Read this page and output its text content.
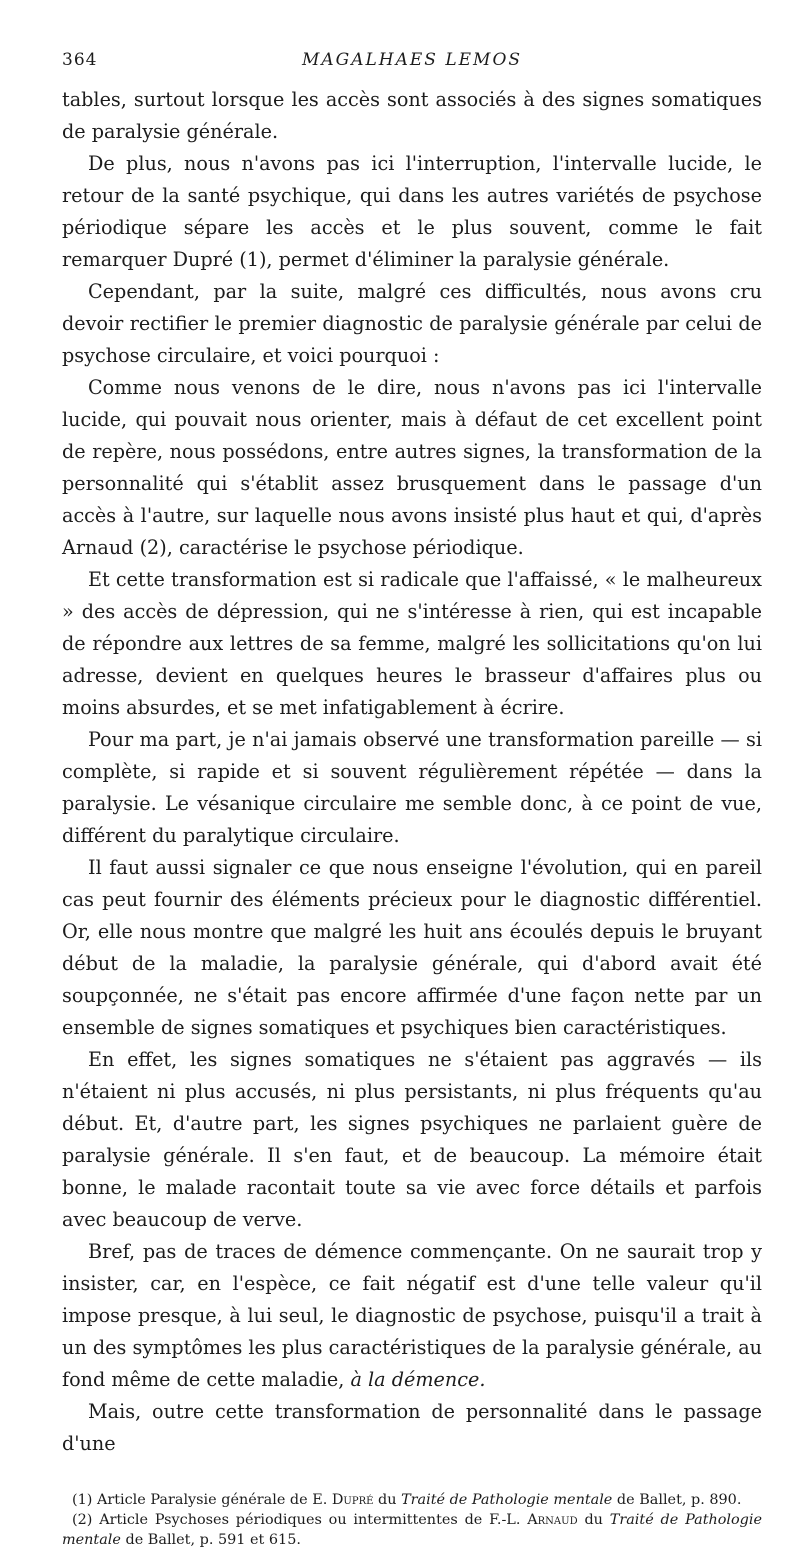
364	MAGALHAES LEMOS

tables, surtout lorsque les accès sont associés à des signes somatiques de paralysie générale.

De plus, nous n'avons pas ici l'interruption, l'intervalle lucide, le retour de la santé psychique, qui dans les autres variétés de psychose périodique sépare les accès et le plus souvent, comme le fait remarquer Dupré (1), permet d'éliminer la paralysie générale.

Cependant, par la suite, malgré ces difficultés, nous avons cru devoir rectifier le premier diagnostic de paralysie générale par celui de psychose circulaire, et voici pourquoi :

Comme nous venons de le dire, nous n'avons pas ici l'intervalle lucide, qui pouvait nous orienter, mais à défaut de cet excellent point de repère, nous possédons, entre autres signes, la transformation de la personnalité qui s'établit assez brusquement dans le passage d'un accès à l'autre, sur laquelle nous avons insisté plus haut et qui, d'après Arnaud (2), caractérise le psychose périodique.

Et cette transformation est si radicale que l'affaissé, « le malheureux » des accès de dépression, qui ne s'intéresse à rien, qui est incapable de répondre aux lettres de sa femme, malgré les sollicitations qu'on lui adresse, devient en quelques heures le brasseur d'affaires plus ou moins absurdes, et se met infatigablement à écrire.

Pour ma part, je n'ai jamais observé une transformation pareille — si complète, si rapide et si souvent régulièrement répétée — dans la paralysie. Le vésanique circulaire me semble donc, à ce point de vue, différent du paralytique circulaire.

Il faut aussi signaler ce que nous enseigne l'évolution, qui en pareil cas peut fournir des éléments précieux pour le diagnostic différentiel. Or, elle nous montre que malgré les huit ans écoulés depuis le bruyant début de la maladie, la paralysie générale, qui d'abord avait été soupçonnée, ne s'était pas encore affirmée d'une façon nette par un ensemble de signes somatiques et psychiques bien caractéristiques.

En effet, les signes somatiques ne s'étaient pas aggravés — ils n'étaient ni plus accusés, ni plus persistants, ni plus fréquents qu'au début. Et, d'autre part, les signes psychiques ne parlaient guère de paralysie générale. Il s'en faut, et de beaucoup. La mémoire était bonne, le malade racontait toute sa vie avec force détails et parfois avec beaucoup de verve.

Bref, pas de traces de démence commençante. On ne saurait trop y insister, car, en l'espèce, ce fait négatif est d'une telle valeur qu'il impose presque, à lui seul, le diagnostic de psychose, puisqu'il a trait à un des symptômes les plus caractéristiques de la paralysie générale, au fond même de cette maladie, à la démence.

Mais, outre cette transformation de personnalité dans le passage d'une

(1) Article Paralysie générale de E. Dupré du Traité de Pathologie mentale de Ballet, p. 890.

(2) Article Psychoses périodiques ou intermittentes de F.-L. Arnaud du Traité de Pathologie mentale de Ballet, p. 591 et 615.
